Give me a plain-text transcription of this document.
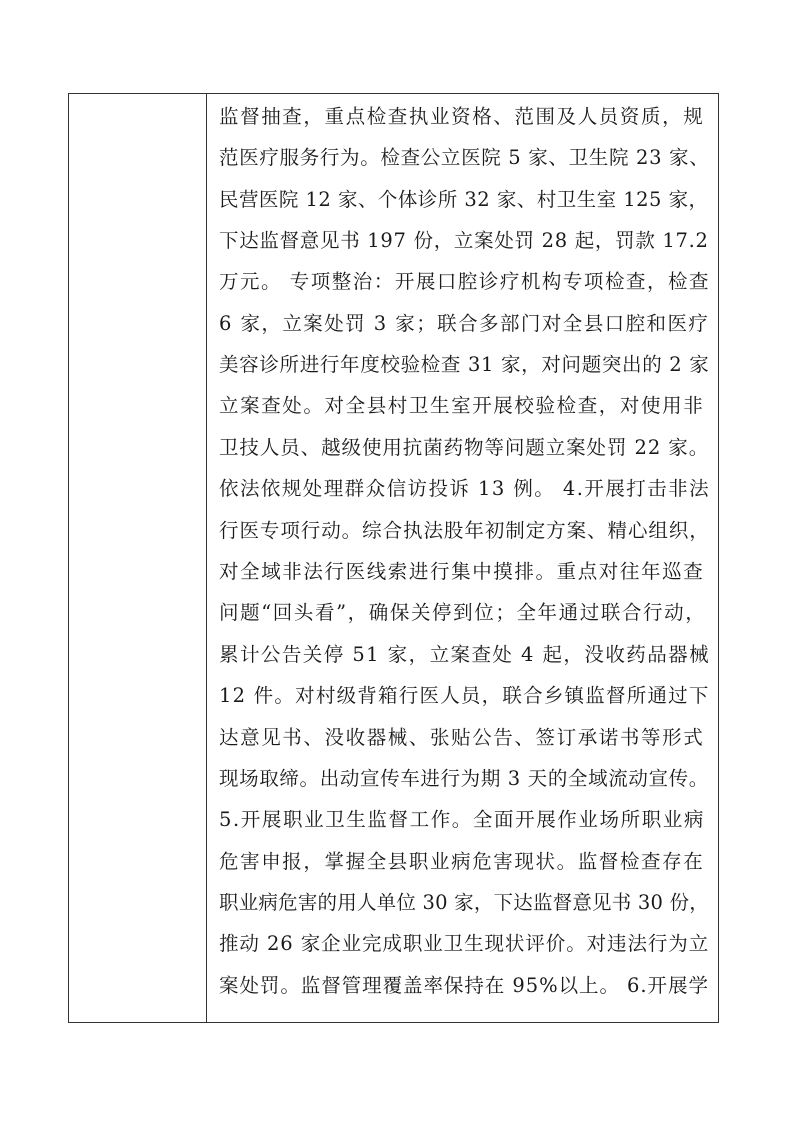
监督抽查，重点检查执业资格、范围及人员资质，规
范医疗服务行为。检查公立医院 5 家、卫生院 23 家、
民营医院 12 家、个体诊所 32 家、村卫生室 125 家，
下达监督意见书 197 份，立案处罚 28 起，罚款 17.2
万元。 专项整治：开展口腔诊疗机构专项检查，检查
6 家，立案处罚 3 家；联合多部门对全县口腔和医疗
美容诊所进行年度校验检查 31 家，对问题突出的 2 家
立案查处。对全县村卫生室开展校验检查，对使用非
卫技人员、越级使用抗菌药物等问题立案处罚 22 家。
依法依规处理群众信访投诉 13 例。 4.开展打击非法
行医专项行动。综合执法股年初制定方案、精心组织，
对全域非法行医线索进行集中摸排。重点对往年巡查
问题“回头看”，确保关停到位；全年通过联合行动，
累计公告关停 51 家，立案查处 4 起，没收药品器械
12 件。对村级背箱行医人员，联合乡镇监督所通过下
达意见书、没收器械、张贴公告、签订承诺书等形式
现场取缔。出动宣传车进行为期 3 天的全域流动宣传。
5.开展职业卫生监督工作。全面开展作业场所职业病
危害申报，掌握全县职业病危害现状。监督检查存在
职业病危害的用人单位 30 家，下达监督意见书 30 份，
推动 26 家企业完成职业卫生现状评价。对违法行为立
案处罚。监督管理覆盖率保持在 95%以上。 6.开展学
